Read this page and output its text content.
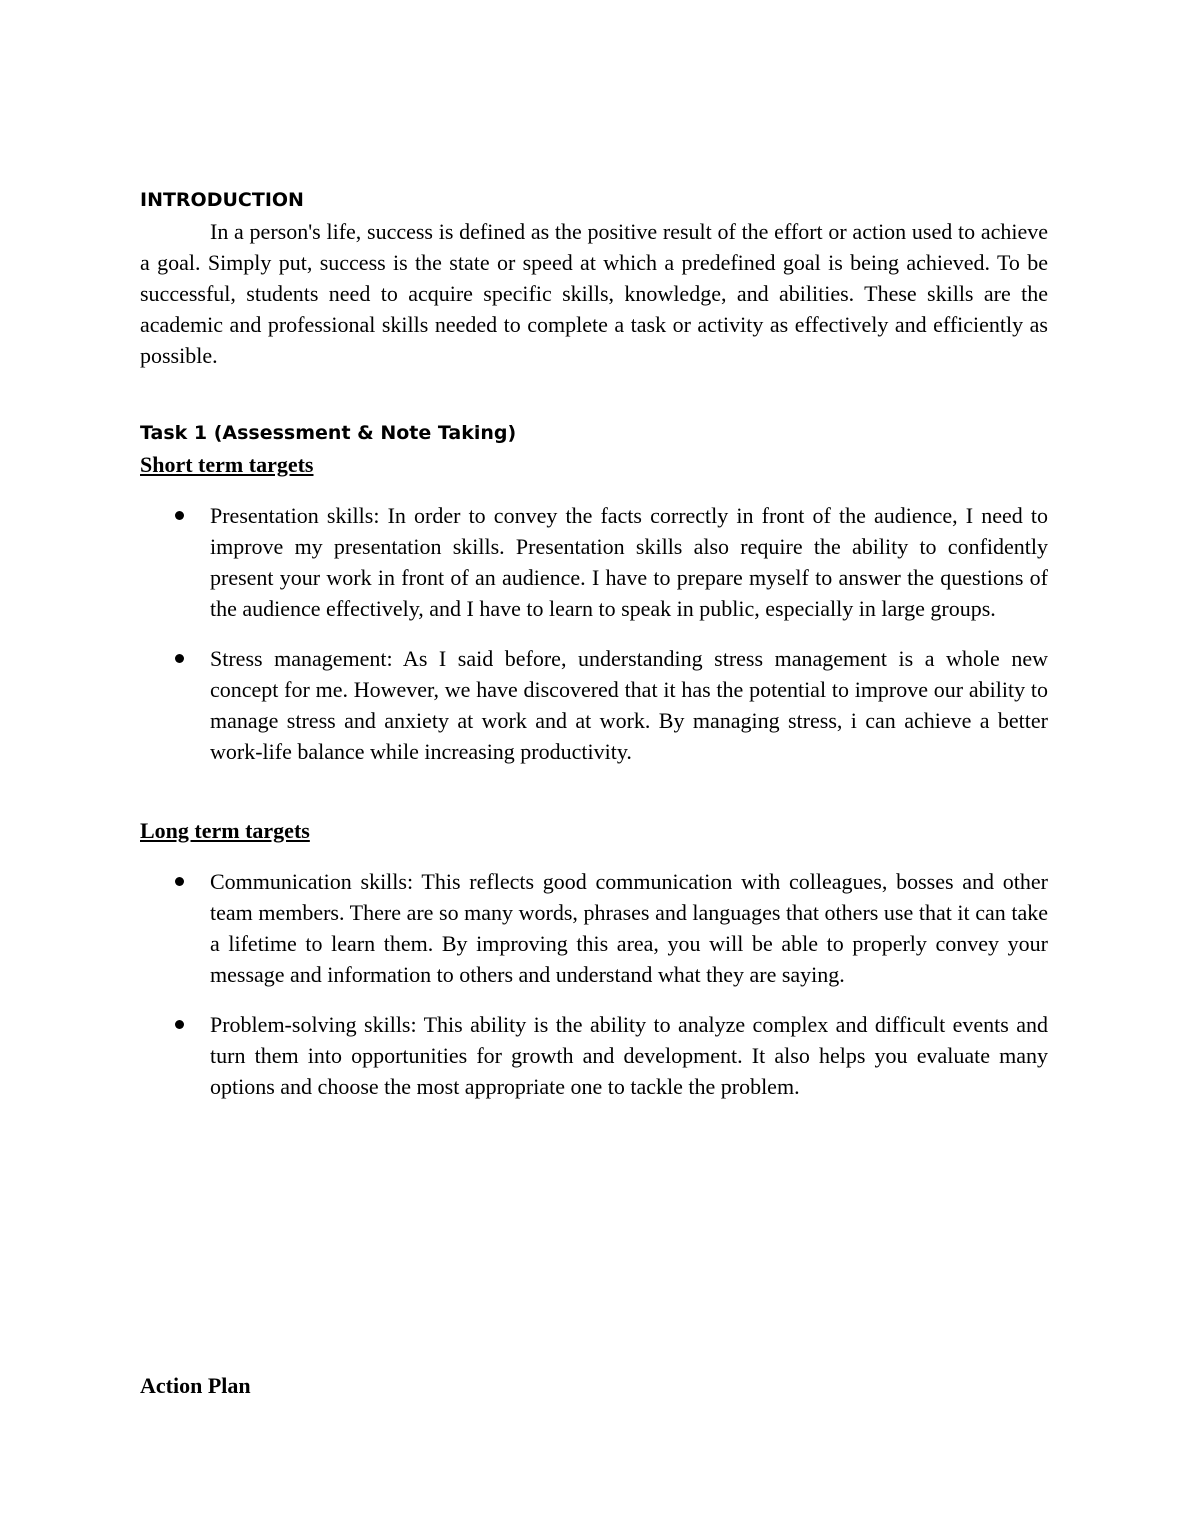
INTRODUCTION

In a person's life, success is defined as the positive result of the effort or action used to achieve a goal. Simply put, success is the state or speed at which a predefined goal is being achieved. To be successful, students need to acquire specific skills, knowledge, and abilities. These skills are the academic and professional skills needed to complete a task or activity as effectively and efficiently as possible.

Task 1 (Assessment & Note Taking)
Short term targets
Presentation skills: In order to convey the facts correctly in front of the audience, I need to improve my presentation skills. Presentation skills also require the ability to confidently present your work in front of an audience. I have to prepare myself to answer the questions of the audience effectively, and I have to learn to speak in public, especially in large groups.
Stress management: As I said before, understanding stress management is a whole new concept for me. However, we have discovered that it has the potential to improve our ability to manage stress and anxiety at work and at work. By managing stress, i can achieve a better work-life balance while increasing productivity.
Long term targets
Communication skills: This reflects good communication with colleagues, bosses and other team members. There are so many words, phrases and languages that others use that it can take a lifetime to learn them. By improving this area, you will be able to properly convey your message and information to others and understand what they are saying.
Problem-solving skills: This ability is the ability to analyze complex and difficult events and turn them into opportunities for growth and development. It also helps you evaluate many options and choose the most appropriate one to tackle the problem.
Action Plan
